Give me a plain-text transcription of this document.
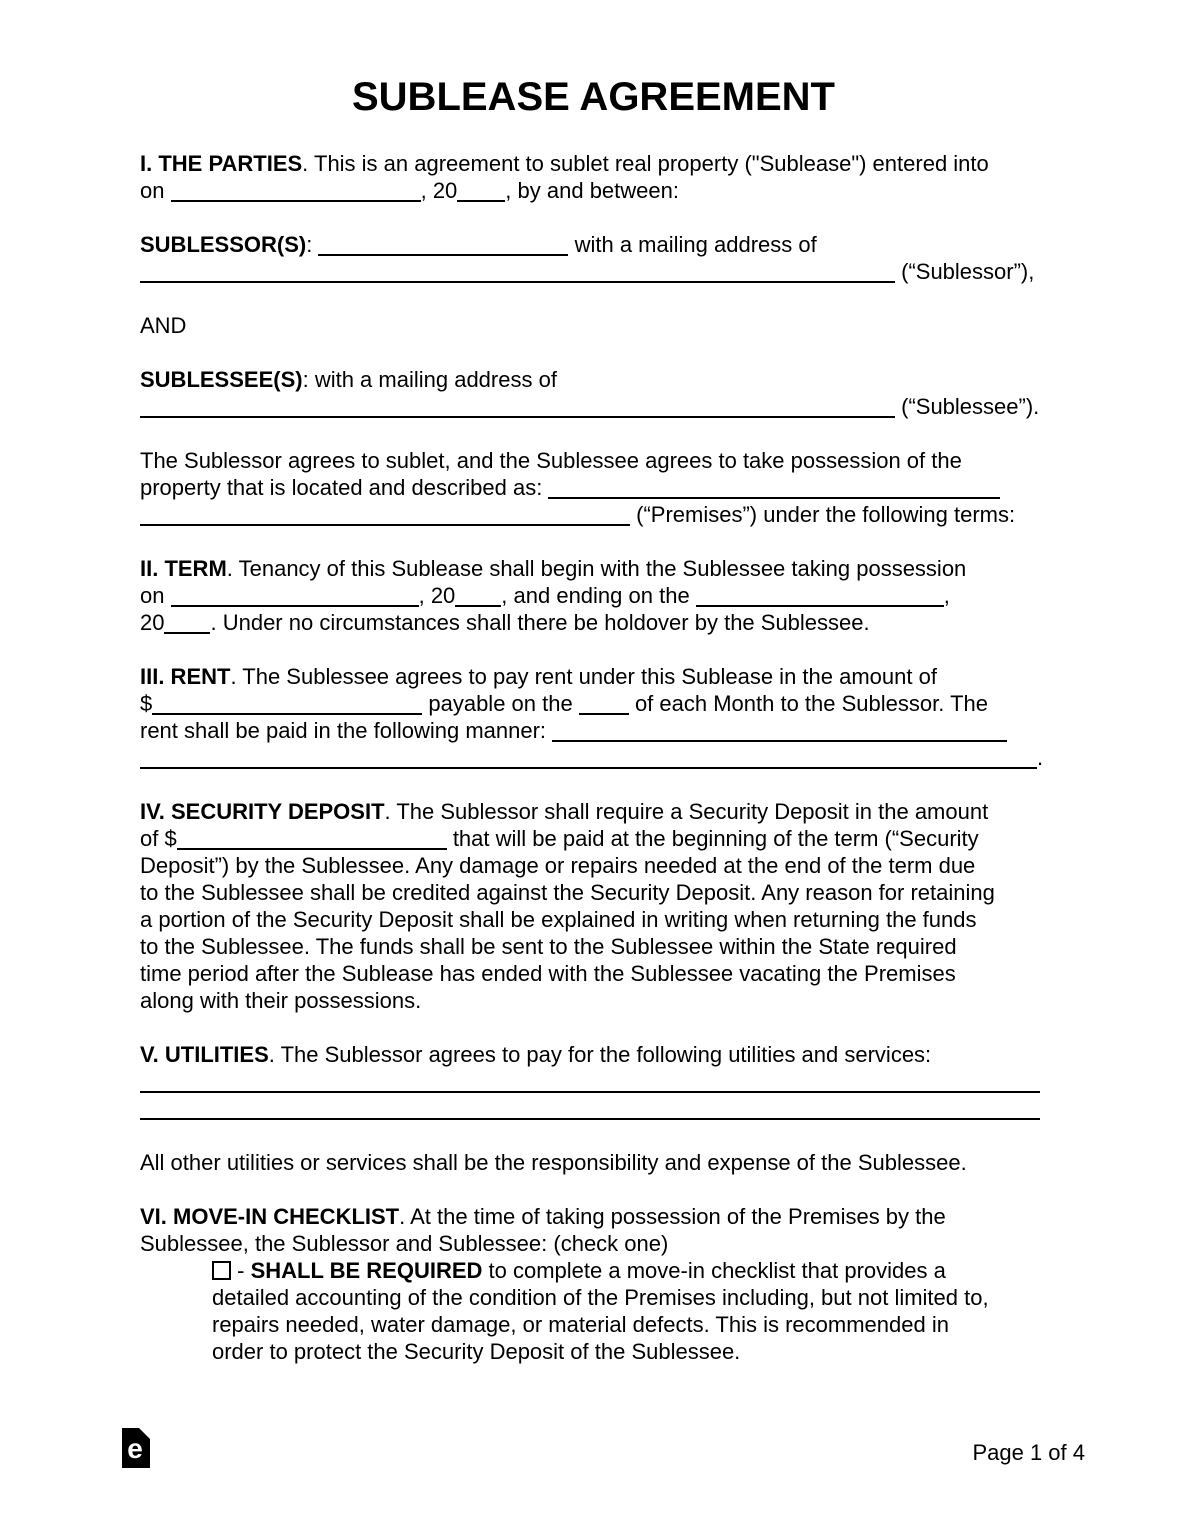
SUBLEASE AGREEMENT
I. THE PARTIES. This is an agreement to sublet real property ("Sublease") entered into
on	, 20 , by and between:
SUBLESSOR(S):	with a mailing address of
(“Sublessor”),
AND
SUBLESSEE(S): with a mailing address of
(“Sublessee”).
The Sublessor agrees to sublet, and the Sublessee agrees to take possession of the
property that is located and described as:
(“Premises”) under the following terms:
II. TERM. Tenancy of this Sublease shall begin with the Sublessee taking possession
on	, 20 , and ending on the	,
20 . Under no circumstances shall there be holdover by the Sublessee.
III. RENT. The Sublessee agrees to pay rent under this Sublease in the amount of
$	payable on the  of each Month to the Sublessor. The
rent shall be paid in the following manner:
.
IV. SECURITY DEPOSIT. The Sublessor shall require a Security Deposit in the amount
of $	that will be paid at the beginning of the term (“Security
Deposit”) by the Sublessee. Any damage or repairs needed at the end of the term due
to the Sublessee shall be credited against the Security Deposit. Any reason for retaining
a portion of the Security Deposit shall be explained in writing when returning the funds
to the Sublessee. The funds shall be sent to the Sublessee within the State required
time period after the Sublease has ended with the Sublessee vacating the Premises
along with their possessions.
V. UTILITIES. The Sublessor agrees to pay for the following utilities and services:
All other utilities or services shall be the responsibility and expense of the Sublessee.
VI. MOVE-IN CHECKLIST. At the time of taking possession of the Premises by the
Sublessee, the Sublessor and Sublessee: (check one)
- SHALL BE REQUIRED to complete a move-in checklist that provides a
detailed accounting of the condition of the Premises including, but not limited to,
repairs needed, water damage, or material defects. This is recommended in
order to protect the Security Deposit of the Sublessee.
e	Page 1 of 4
